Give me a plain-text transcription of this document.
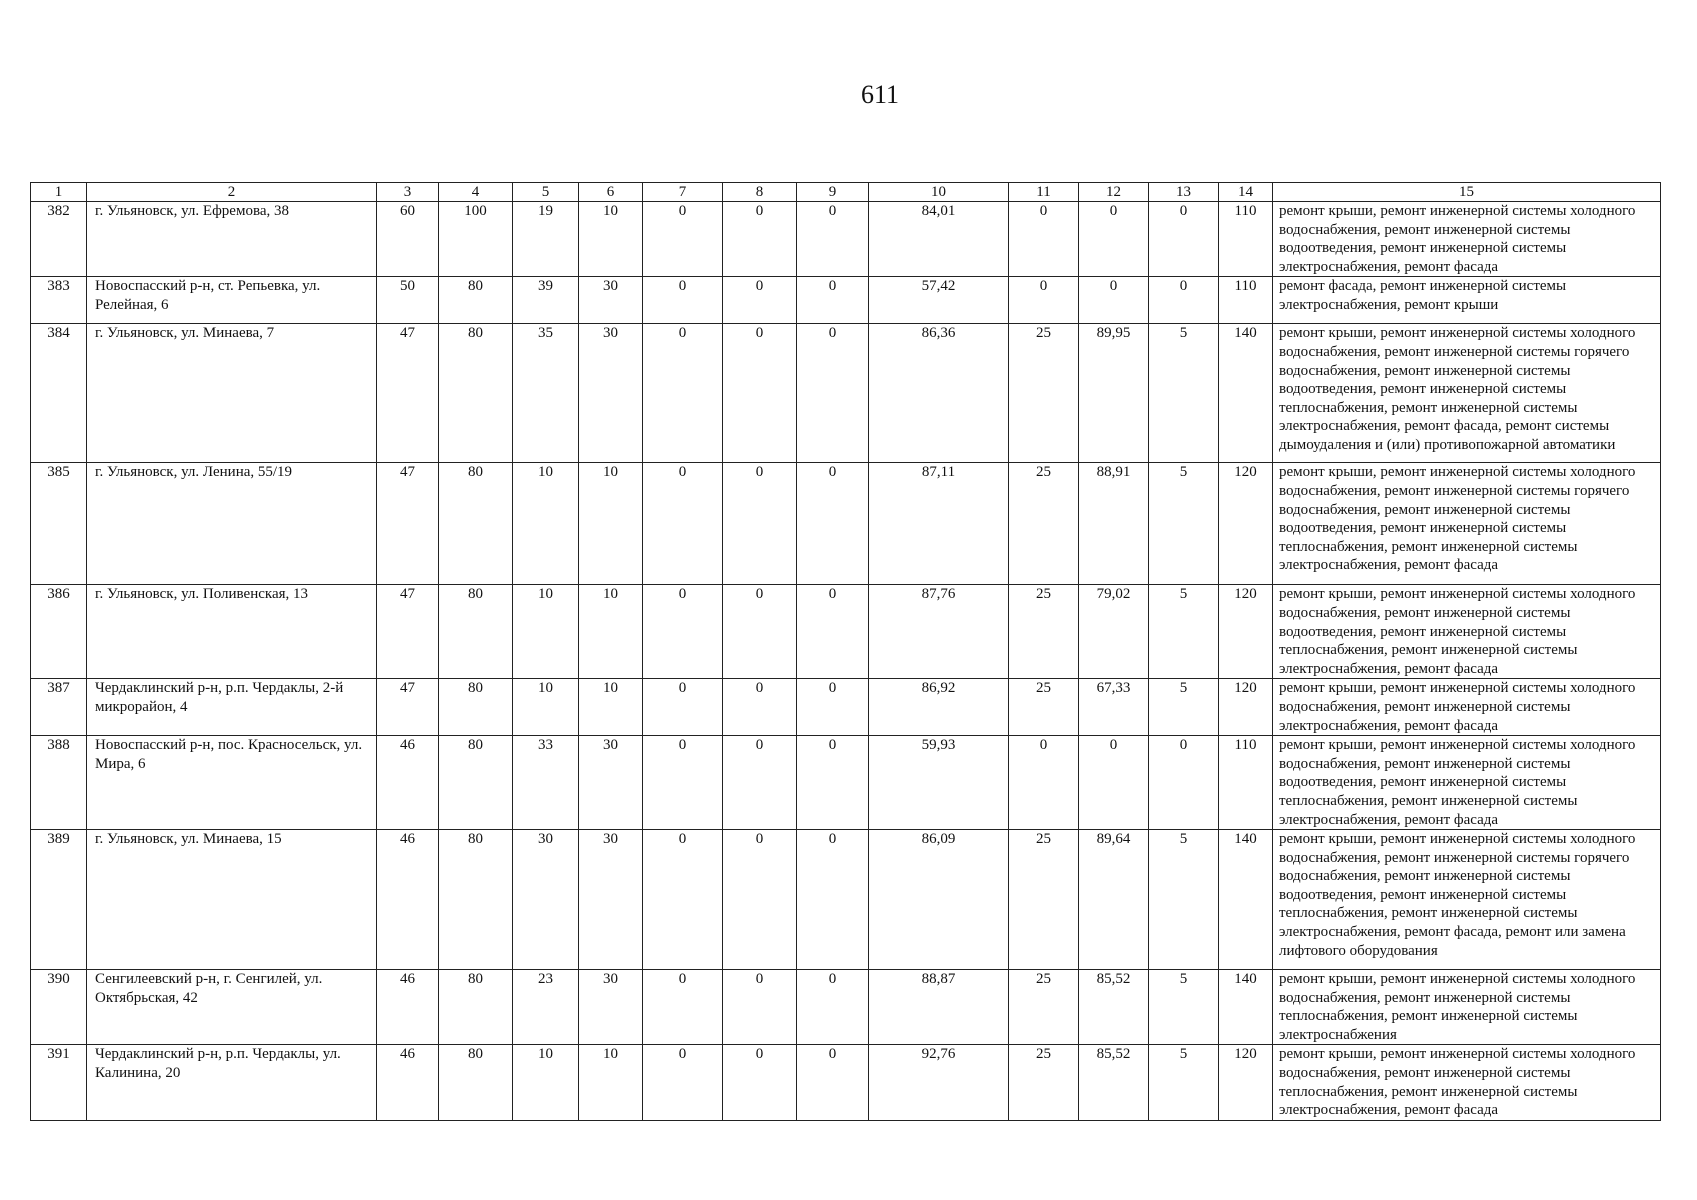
611
1	2	3	4	5	6	7	8	9	10	11	12	13	14	15
382	г. Ульяновск, ул. Ефремова, 38	60	100	19	10	0	0	0	84,01	0	0	0	110	ремонт крыши, ремонт инженерной системы холодного водоснабжения, ремонт инженерной системы водоотведения, ремонт инженерной системы электроснабжения, ремонт фасада
383	Новоспасский р-н, ст. Репьевка, ул. Релейная, 6	50	80	39	30	0	0	0	57,42	0	0	0	110	ремонт фасада, ремонт инженерной системы электроснабжения, ремонт крыши
384	г. Ульяновск, ул. Минаева, 7	47	80	35	30	0	0	0	86,36	25	89,95	5	140	ремонт крыши, ремонт инженерной системы холодного водоснабжения, ремонт инженерной системы горячего водоснабжения, ремонт инженерной системы водоотведения, ремонт инженерной системы теплоснабжения, ремонт инженерной системы электроснабжения, ремонт фасада, ремонт системы дымоудаления и (или) противопожарной автоматики
385	г. Ульяновск, ул. Ленина, 55/19	47	80	10	10	0	0	0	87,11	25	88,91	5	120	ремонт крыши, ремонт инженерной системы холодного водоснабжения, ремонт инженерной системы горячего водоснабжения, ремонт инженерной системы водоотведения, ремонт инженерной системы теплоснабжения, ремонт инженерной системы электроснабжения, ремонт фасада
386	г. Ульяновск, ул. Поливенская, 13	47	80	10	10	0	0	0	87,76	25	79,02	5	120	ремонт крыши, ремонт инженерной системы холодного водоснабжения, ремонт инженерной системы водоотведения, ремонт инженерной системы теплоснабжения, ремонт инженерной системы электроснабжения, ремонт фасада
387	Чердаклинский р-н, р.п. Чердаклы, 2-й микрорайон, 4	47	80	10	10	0	0	0	86,92	25	67,33	5	120	ремонт крыши, ремонт инженерной системы холодного водоснабжения, ремонт инженерной системы электроснабжения, ремонт фасада
388	Новоспасский р-н, пос. Красносельск, ул. Мира, 6	46	80	33	30	0	0	0	59,93	0	0	0	110	ремонт крыши, ремонт инженерной системы холодного водоснабжения, ремонт инженерной системы водоотведения, ремонт инженерной системы теплоснабжения, ремонт инженерной системы электроснабжения, ремонт фасада
389	г. Ульяновск, ул. Минаева, 15	46	80	30	30	0	0	0	86,09	25	89,64	5	140	ремонт крыши, ремонт инженерной системы холодного водоснабжения, ремонт инженерной системы горячего водоснабжения, ремонт инженерной системы водоотведения, ремонт инженерной системы теплоснабжения, ремонт инженерной системы электроснабжения, ремонт фасада, ремонт или замена лифтового оборудования
390	Сенгилеевский р-н, г. Сенгилей, ул. Октябрьская, 42	46	80	23	30	0	0	0	88,87	25	85,52	5	140	ремонт крыши, ремонт инженерной системы холодного водоснабжения, ремонт инженерной системы теплоснабжения, ремонт инженерной системы электроснабжения
391	Чердаклинский р-н, р.п. Чердаклы, ул. Калинина, 20	46	80	10	10	0	0	0	92,76	25	85,52	5	120	ремонт крыши, ремонт инженерной системы холодного водоснабжения, ремонт инженерной системы теплоснабжения, ремонт инженерной системы электроснабжения, ремонт фасада
